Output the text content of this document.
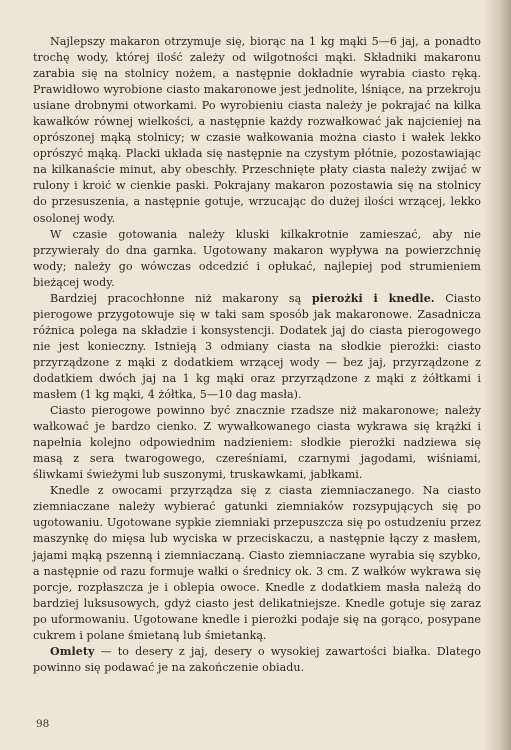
Najlepszy makaron otrzymuje się, biorąc na 1 kg mąki 5—6 jaj, a ponadto trochę wody, której ilość zależy od wilgotności mąki. Składniki makaronu zarabia się na stolnicy nożem, a następnie dokładnie wyrabia ciasto ręką. Prawidłowo wyrobione ciasto makaronowe jest jednolite, lśniące, na przekroju usiane drobnymi otworkami. Po wyrobieniu ciasta należy je pokrajać na kilka kawałków równej wielkości, a następnie każdy rozwałkować jak najcieniej na oprószonej mąką stolnicy; w czasie wałkowania można ciasto i wałek lekko oprószyć mąką. Placki układa się następnie na czystym płótnie, pozostawiając na kilkanaście minut, aby obeschły. Przeschnięte płaty ciasta należy zwijać w rulony i kroić w cienkie paski. Pokrajany makaron pozostawia się na stolnicy do przesuszenia, a następnie gotuje, wrzucając do dużej ilości wrzącej, lekko osolonej wody.

W czasie gotowania należy kluski kilkakrotnie zamieszać, aby nie przywierały do dna garnka. Ugotowany makaron wypływa na powierzchnię wody; należy go wówczas odcedzić i opłukać, najlepiej pod strumieniem bieżącej wody.

Bardziej pracochłonne niż makarony są pierożki i knedle. Ciasto pierogowe przygotowuje się w taki sam sposób jak makaronowe. Zasadnicza różnica polega na składzie i konsystencji. Dodatek jaj do ciasta pierogowego nie jest konieczny. Istnieją 3 odmiany ciasta na słodkie pierożki: ciasto przyrządzone z mąki z dodatkiem wrzącej wody — bez jaj, przyrządzone z dodatkiem dwóch jaj na 1 kg mąki oraz przyrządzone z mąki z żółtkami i masłem (1 kg mąki, 4 żółtka, 5—10 dag masła).

Ciasto pierogowe powinno być znacznie rzadsze niż makaronowe; należy wałkować je bardzo cienko. Z wywałkowanego ciasta wykrawa się krążki i napełnia kolejno odpowiednim nadzieniem: słodkie pierożki nadziewa się masą z sera twarogowego, czereśniami, czarnymi jagodami, wiśniami, śliwkami świeżymi lub suszonymi, truskawkami, jabłkami.

Knedle z owocami przyrządza się z ciasta ziemniaczanego. Na ciasto ziemniaczane należy wybierać gatunki ziemniaków rozsypujących się po ugotowaniu. Ugotowane sypkie ziemniaki przepuszcza się po ostudzeniu przez maszynkę do mięsa lub wyciska w przeciskaczu, a następnie łączy z masłem, jajami mąką pszenną i ziemniaczaną. Ciasto ziemniaczane wyrabia się szybko, a następnie od razu formuje wałki o średnicy ok. 3 cm. Z wałków wykrawa się porcje, rozpłaszcza je i oblepia owoce. Knedle z dodatkiem masła należą do bardziej luksusowych, gdyż ciasto jest delikatniejsze. Knedle gotuje się zaraz po uformowaniu. Ugotowane knedle i pierożki podaje się na gorąco, posypane cukrem i polane śmietaną lub śmietanką.

Omlety — to desery z jaj, desery o wysokiej zawartości białka. Dlatego powinno się podawać je na zakończenie obiadu.

98
